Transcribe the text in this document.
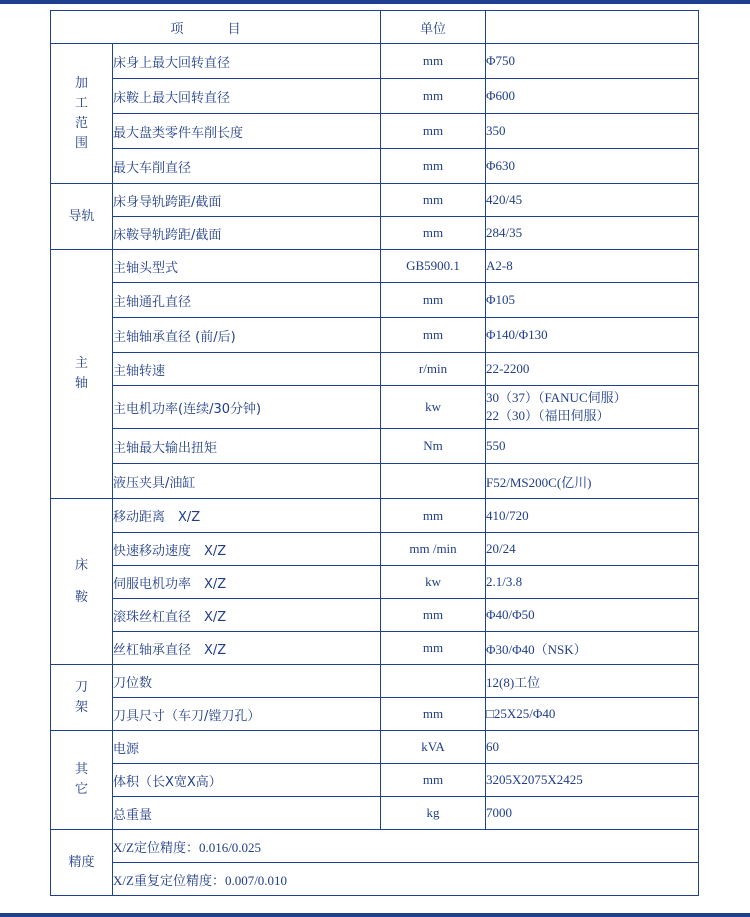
项 目		单位	
加工范围	床身上最大回转直径	mm	Φ750
	床鞍上最大回转直径	mm	Φ600
	最大盘类零件车削长度	mm	350
	最大车削直径	mm	Φ630
导轨	床身导轨跨距/截面	mm	420/45
	床鞍导轨跨距/截面	mm	284/35
主轴	主轴头型式	GB5900.1	A2-8
	主轴通孔直径	mm	Φ105
	主轴轴承直径 (前/后)	mm	Φ140/Φ130
	主轴转速	r/min	22-2200
	主电机功率(连续/30分钟)	kw	30（37）（FANUC伺服）
22（30）（福田伺服）

	主轴最大输出扭矩	Nm	550
	液压夹具/油缸		F52/MS200C(亿川)
床鞍	移动距离　X/Z	mm	410/720
	快速移动速度　X/Z	mm /min	20/24
	伺服电机功率　X/Z	kw	2.1/3.8
	滚珠丝杠直径　X/Z	mm	Φ40/Φ50
	丝杠轴承直径　X/Z	mm	Φ30/Φ40（NSK）
刀架	刀位数		12(8)工位
	刀具尺寸（车刀/镗刀孔）	mm	□25X25/Φ40
其它	电源	kVA	60
	体积（长X宽X高）	mm	3205X2075X2425
	总重量	kg	7000
精度	X/Z定位精度：0.016/0.025		
	X/Z重复定位精度：0.007/0.010		
